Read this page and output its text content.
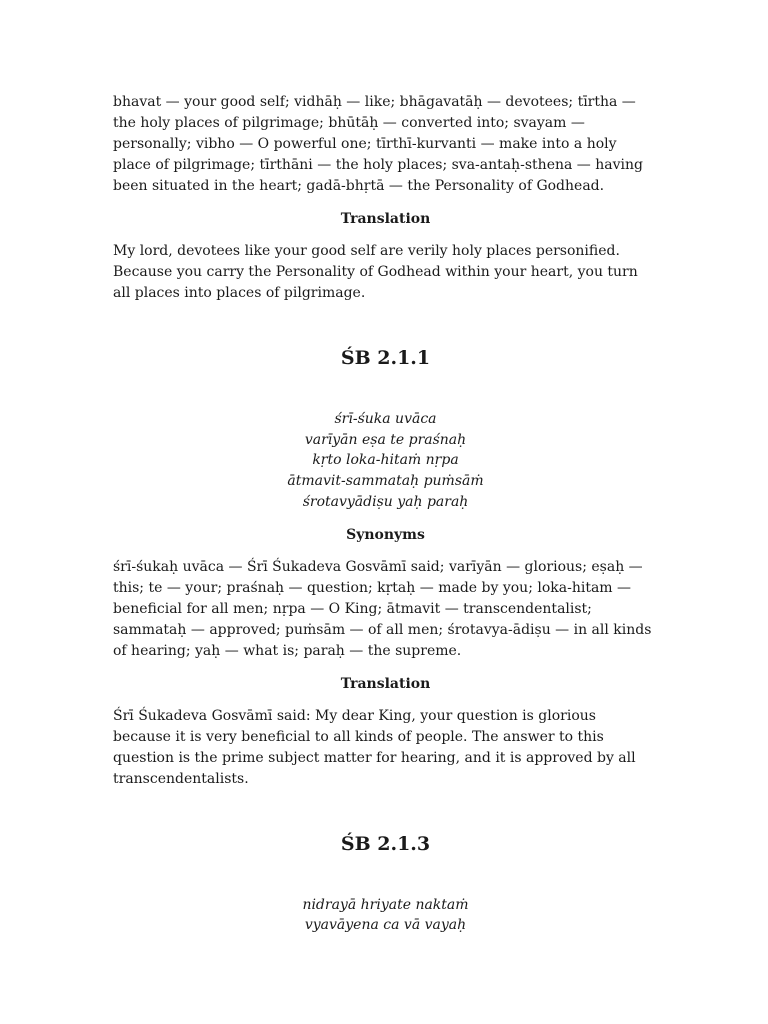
bhavat — your good self; vidhāḥ — like; bhāgavatāḥ — devotees; tīrtha — the holy places of pilgrimage; bhūtāḥ — converted into; svayam — personally; vibho — O powerful one; tīrthī-kurvanti — make into a holy place of pilgrimage; tīrthāni — the holy places; sva-antaḥ-sthena — having been situated in the heart; gadā-bhṛtā — the Personality of Godhead.

Translation

My lord, devotees like your good self are verily holy places personified. Because you carry the Personality of Godhead within your heart, you turn all places into places of pilgrimage.

ŚB 2.1.1
śrī-śuka uvāca
varīyān eṣa te praśnaḥ
kṛto loka-hitaṁ nṛpa
ātmavit-sammataḥ puṁsāṁ
śrotavyādiṣu yaḥ paraḥ

Synonyms

śrī-śukaḥ uvāca — Śrī Śukadeva Gosvāmī said; varīyān — glorious; eṣaḥ — this; te — your; praśnaḥ — question; kṛtaḥ — made by you; loka-hitam — beneficial for all men; nṛpa — O King; ātmavit — transcendentalist; sammataḥ — approved; puṁsām — of all men; śrotavya-ādiṣu — in all kinds of hearing; yaḥ — what is; paraḥ — the supreme.

Translation

Śrī Śukadeva Gosvāmī said: My dear King, your question is glorious because it is very beneficial to all kinds of people. The answer to this question is the prime subject matter for hearing, and it is approved by all transcendentalists.

ŚB 2.1.3
nidrayā hriyate naktaṁ
vyavāyena ca vā vayaḥ
